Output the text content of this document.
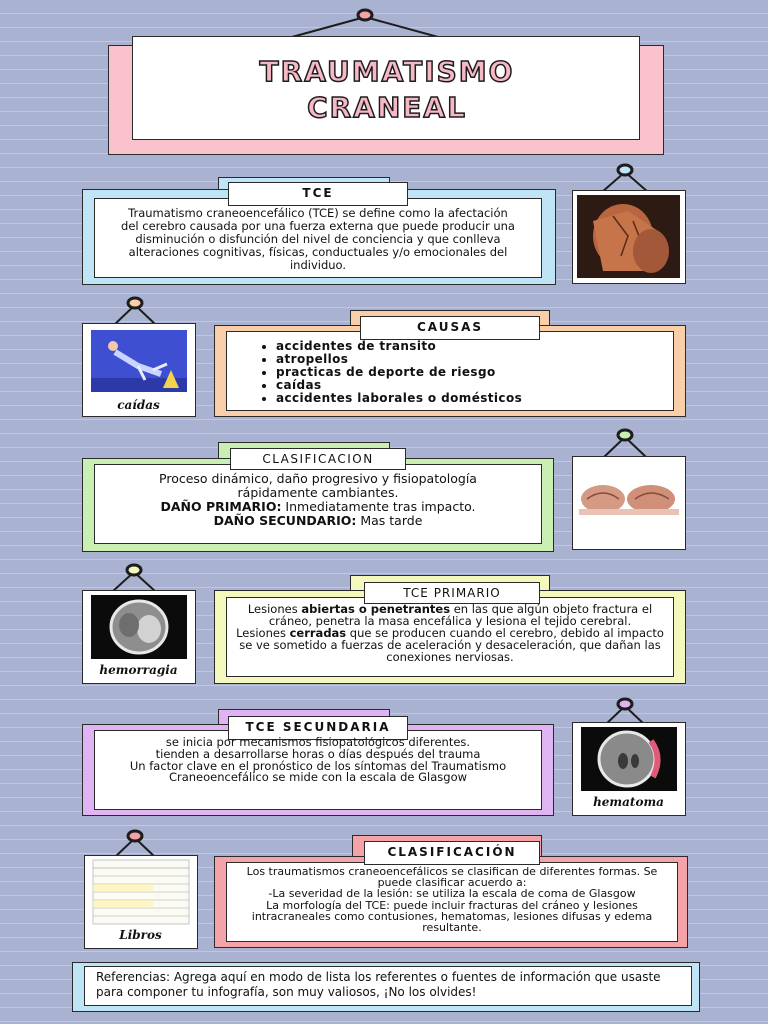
TRAUMATISMO
CRANEAL
TCE
Traumatismo craneoencefálico (TCE) se define como la afectación del cerebro causada por una fuerza externa que puede producir una disminución o disfunción del nivel de conciencia y que conlleva alteraciones cognitivas, físicas, conductuales y/o emocionales del individuo.
caídas
CAUSAS
• accidentes de transito
• atropellos
• practicas de deporte de riesgo
• caídas
• accidentes laborales o domésticos
CLASIFICACION
Proceso dinámico, daño progresivo y fisiopatología rápidamente cambiantes.
DAÑO PRIMARIO: Inmediatamente tras impacto.
DAÑO SECUNDARIO: Mas tarde
hemorragia
TCE PRIMARIO
Lesiones abiertas o penetrantes en las que algún objeto fractura el cráneo, penetra la masa encefálica y lesiona el tejido cerebral.
Lesiones cerradas que se producen cuando el cerebro, debido al impacto se ve sometido a fuerzas de aceleración y desaceleración, que dañan las conexiones nerviosas.
TCE SECUNDARIA
se inicia por mecanismos fisiopatológicos diferentes.
tienden a desarrollarse horas o días después del trauma
Un factor clave en el pronóstico de los síntomas del Traumatismo Craneoencefálico se mide con la escala de Glasgow
hematoma
Libros
CLASIFICACIÓN
Los traumatismos craneoencefálicos se clasifican de diferentes formas. Se puede clasificar acuerdo a:
-La severidad de la lesión: se utiliza la escala de coma de Glasgow
La morfología del TCE: puede incluir fracturas del cráneo y lesiones intracraneales como contusiones, hematomas, lesiones difusas y edema resultante.
Referencias: Agrega aquí en modo de lista los referentes o fuentes de información que usaste para componer tu infografía, son muy valiosos, ¡No los olvides!
